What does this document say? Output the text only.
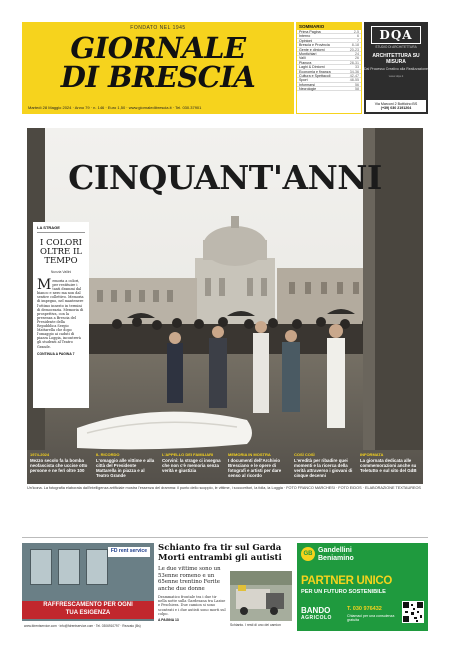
FONDATO NEL 1945
GIORNALE
DI BRESCIA
Martedì 28 Maggio 2024 · Anno 79 · n. 146 · Euro 1,50 · www.giornaledibrescia.it · Tel. 030.37901
SOMMARIO
Prima Pagina	2-5
Interno	6
Opinioni	7
Brescia e Provincia	8-18
Gente e dintorni	20-23
Montichiari	24
Valli	26
Pianura	28-31
Laghi & Dintorni	33
Economia e finanza	34-36
Cultura e Spettacoli	42-47
Sport	48-55
Informarsi	56
Necrologie	58
DQA
STUDIO DI ARCHITETTURA
ARCHITETTURA SU MISURA
Dal Processo Creativo alla Realizzazione
www.dqa.it
Via Marconi 2 Botticino BS
(+39) 030 2191204
CINQUANT'ANNI
LA STRAGE
I COLORI OLTRE IL TEMPO
Nunzia Vallini
Memoria a colori, per restituire i tanti drammi dal bianco e nero ma non dal sentire collettivo. Memoria di impegno, nel mantenere l'ottimo innesto in termini di democrazia. Memoria di prospettiva, con la presenza a Brescia del Presidente della Repubblica Sergio Mattarella che dopo l'omaggio ai caduti di piazza Loggia, incontrerà gli studenti al Teatro Grande.
CONTINUA A PAGINA 7
1974-2024
Mezzo secolo fa la bomba neofascista che uccise otto persone e ne ferì oltre 100
IL RICORDO
L'omaggio alle vittime e alla città del Presidente Mattarella in piazza e al Teatro Grande
L'APPELLO DEI FAMILIARI
Corvini: la strage ci insegna che non c'è memoria senza verità e giustizia
MEMORIA IN MOSTRA
I documenti dell'Archivio Bresciano e le opere di fotografi e artisti per dare senso al ricordo
COSÌ COSÌ
L'eredità per ribadire quei momenti e la ricerca della verità attraverso i giovani di cinque decenni
INFORMATA
La giornata dedicata alle commemorazioni anche su Teletutto e sul sito del GdB
Un'icona. La fotografia elaborata dall'intelligenza artificiale mostra l'essenza del dramma: il punto dello scoppio, le vittime, i soccorritori, la folla, la Loggia · FOTO FRANCO MARCHESI · FOTO EIDOS · ELABORAZIONE TEXTAUREOS
FD rent service
RAFFRESCAMENTO PER OGNI
TUA ESIGENZA
www.fdrentservice.com · info@fdrentservice.com · Tel. 0306910797 · Rezzato (Bs)
Schianto fra tir sul Garda Morti entrambi gli autisti
Le due vittime sono un 53enne romeno e un 65enne trentino Ferite anche due donne
Drammatico frontale tra i due tir nella notte sulla Gardesana tra Lazise e Peschiera. Due camion si sono scontrati e i due autisti sono morti sul colpo.
A PAGINA 13
Schianto. I resti di uno dei camion
GB Gandellini
Beniamino
PARTNER UNICO
PER UN FUTURO SOSTENIBILE
BANDO
AGRICOLO
T. 030 976432
Chiamaci per una consulenza gratuita
